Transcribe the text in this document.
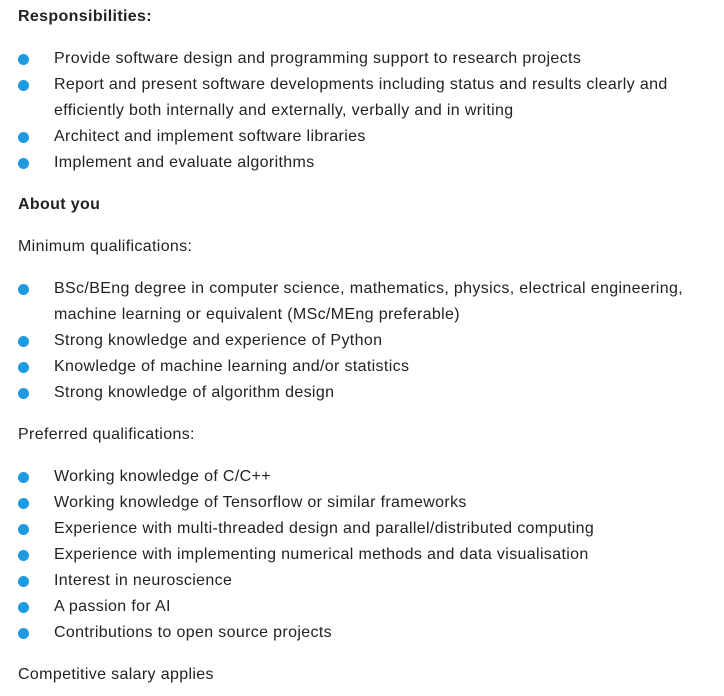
Responsibilities:

Provide software design and programming support to research projects
Report and present software developments including status and results clearly and efficiently both internally and externally, verbally and in writing
Architect and implement software libraries
Implement and evaluate algorithms

About you

Minimum qualifications:

BSc/BEng degree in computer science, mathematics, physics, electrical engineering, machine learning or equivalent (MSc/MEng preferable)
Strong knowledge and experience of Python
Knowledge of machine learning and/or statistics
Strong knowledge of algorithm design

Preferred qualifications:

Working knowledge of C/C++
Working knowledge of Tensorflow or similar frameworks
Experience with multi-threaded design and parallel/distributed computing
Experience with implementing numerical methods and data visualisation
Interest in neuroscience
A passion for AI
Contributions to open source projects

Competitive salary applies
